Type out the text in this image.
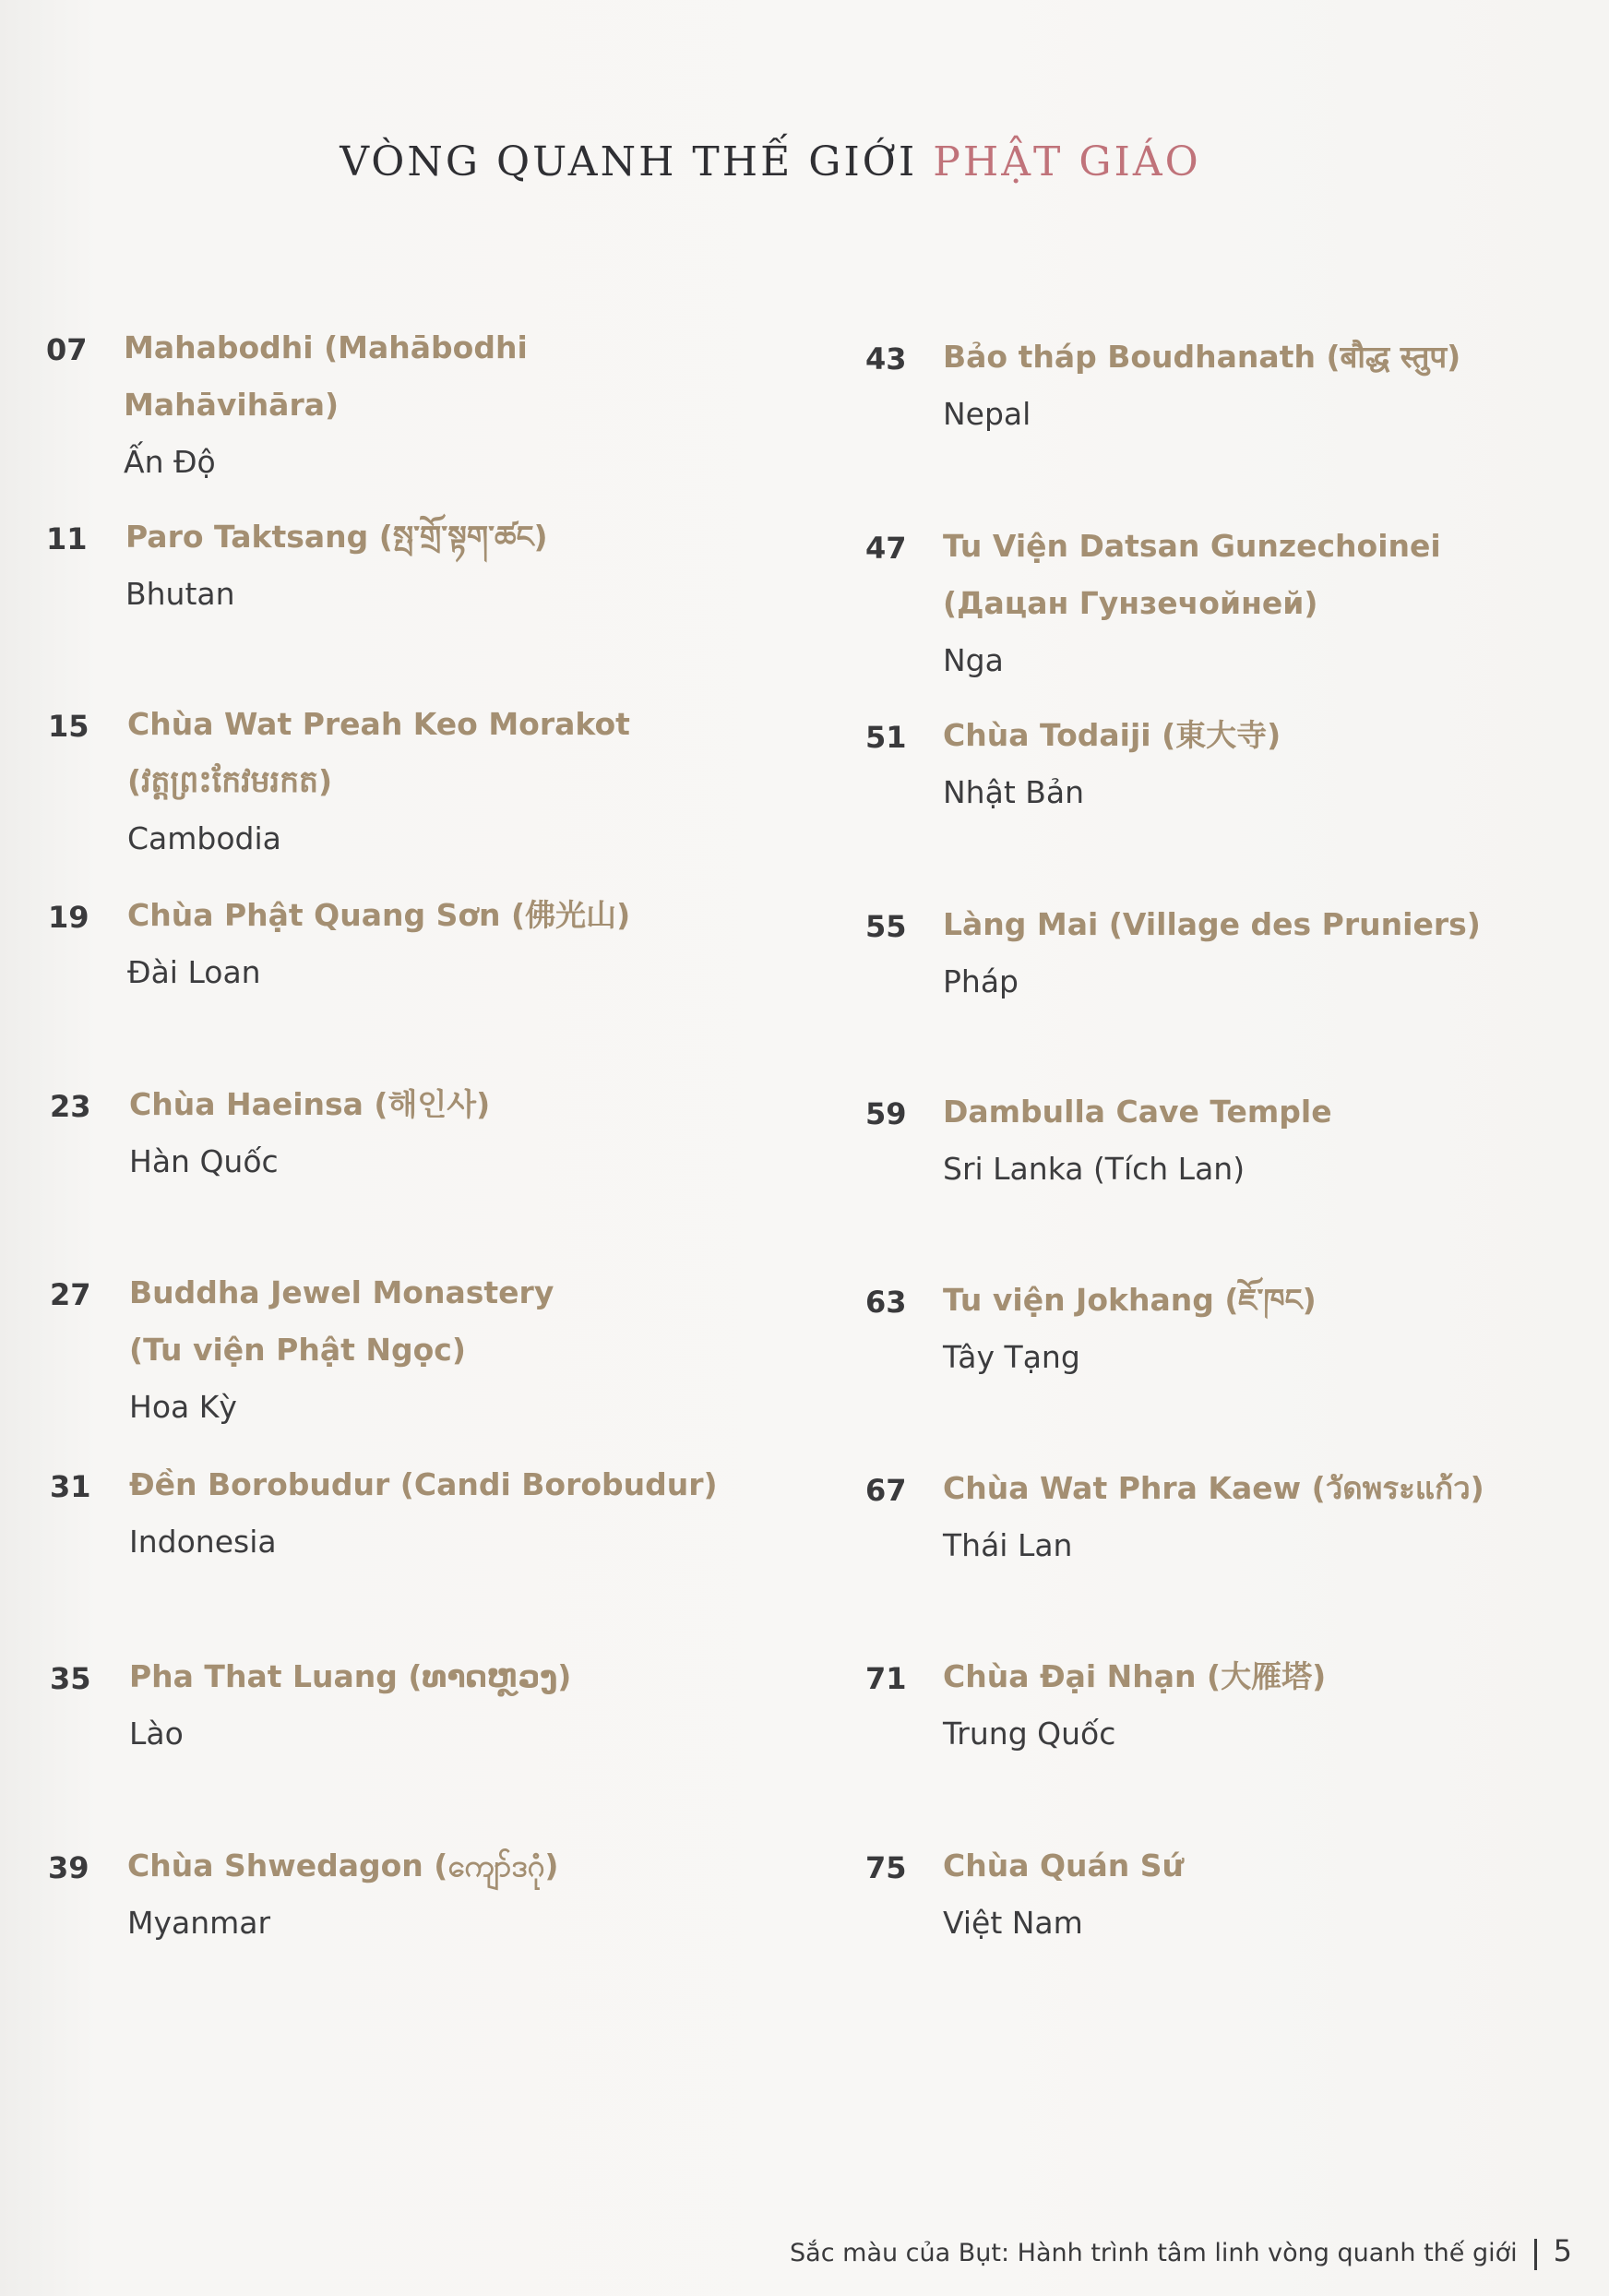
VÒNG QUANH THẾ GIỚI PHẬT GIÁO
07 Mahabodhi (Mahābodhi Mahāvihāra)
Ấn Độ
11 Paro Taktsang (སྤ་གྲོ་སྟག་ཚང)
Bhutan
15 Chùa Wat Preah Keo Morakot (វត្តព្រះកែវមរកត)
Cambodia
19 Chùa Phật Quang Sơn (佛光山)
Đài Loan
23 Chùa Haeinsa (해인사)
Hàn Quốc
27 Buddha Jewel Monastery (Tu viện Phật Ngọc)
Hoa Kỳ
31 Đền Borobudur (Candi Borobudur)
Indonesia
35 Pha That Luang (ທາດຫຼວງ)
Lào
39 Chùa Shwedagon (ကျော်ဒဂုံ)
Myanmar
43 Bảo tháp Boudhanath (बौद्ध स्तुप)
Nepal
47 Tu Viện Datsan Gunzechoinei (Дацан Гунзечойней)
Nga
51 Chùa Todaiji (東大寺)
Nhật Bản
55 Làng Mai (Village des Pruniers)
Pháp
59 Dambulla Cave Temple
Sri Lanka (Tích Lan)
63 Tu viện Jokhang (ཇོ་ཁང)
Tây Tạng
67 Chùa Wat Phra Kaew (วัดพระแก้ว)
Thái Lan
71 Chùa Đại Nhạn (大雁塔)
Trung Quốc
75 Chùa Quán Sứ
Việt Nam
Sắc màu của Bụt: Hành trình tâm linh vòng quanh thế giới 5
